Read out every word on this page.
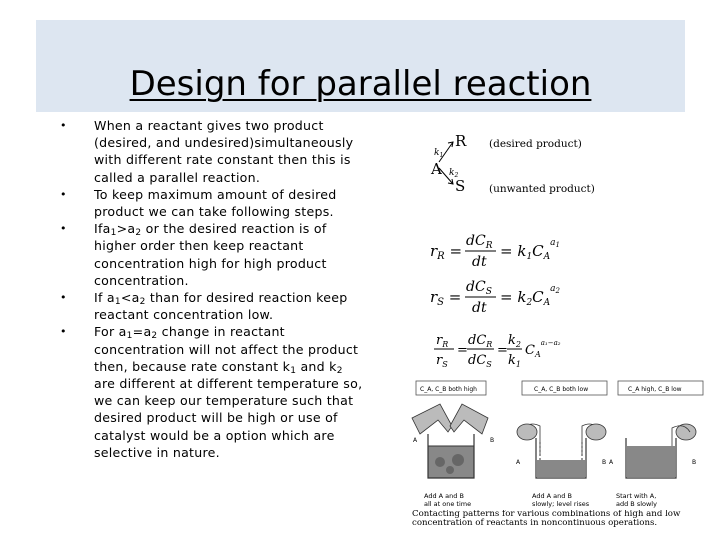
Design for parallel reaction
• When a reactant gives two product (desired, and undesired)simultaneously with different rate constant then this is called a parallel reaction.
• To keep maximum amount of desired product we can take following steps.
• $Ifa_1>a_2$ or the desired reaction is of higher order then keep reactant concentration high for high product concentration.
• If $a_1<a_2$ than for desired reaction keep reactant concentration low.
• For $a_1=a_2$ change in reactant concentration will not affect the product then, because rate constant $k_1$ and $k_2$ are different at different temperature so, we can keep our temperature such that desired product will be high or use of catalyst would be a option which are selective in nature.
A
R
S
$k_1$
$k_2$
(desired product)
(unwanted product)
$r_R$ =
$dC_R$
dt
= $k_1C_A^a1$
$r_S$ =
$dC_S$
dt
= $k_2C_A^a2$
$r_R$
$r_S$
=
$dC_R$
$dC_S$
=
$k_2$
$k_1$
$C_A^{a_1-a_2}$
C_A, C_B both high	C_A, C_B both low	C_A high, C_B low
A	B
A	B A	B
Add A and B all at one time
Add A and B slowly; level rises
Start with A, add B slowly
Contacting patterns for various combinations of high and low concentration of reactants in noncontinuous operations.
